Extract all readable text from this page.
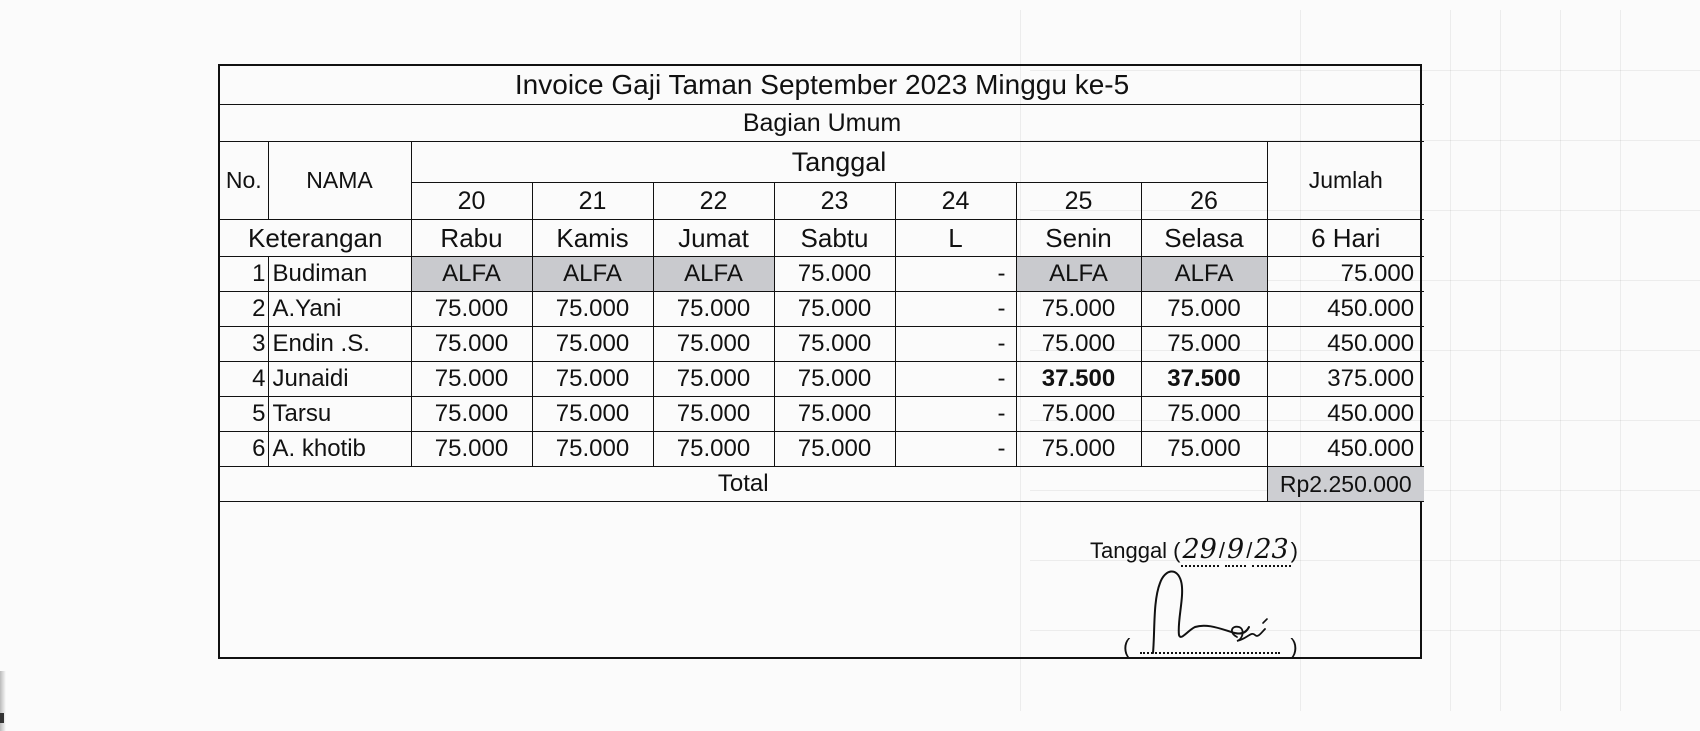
Invoice Gaji Taman September 2023 Minggu ke-5									
Bagian Umum									
No.	NAMA	Tanggal							Jumlah
		20	21	22	23	24	25	26	
Keterangan		Rabu	Kamis	Jumat	Sabtu	L	Senin	Selasa	6 Hari
1	Budiman	ALFA	ALFA	ALFA	75.000	-	ALFA	ALFA	75.000
2	A.Yani	75.000	75.000	75.000	75.000	-	75.000	75.000	450.000
3	Endin .S.	75.000	75.000	75.000	75.000	-	75.000	75.000	450.000
4	Junaidi	75.000	75.000	75.000	75.000	-	37.500	37.500	375.000
5	Tarsu	75.000	75.000	75.000	75.000	-	75.000	75.000	450.000
6	A. khotib	75.000	75.000	75.000	75.000	-	75.000	75.000	450.000
Total									Rp2.250.000
Tanggal (29/9/23)
(	)
